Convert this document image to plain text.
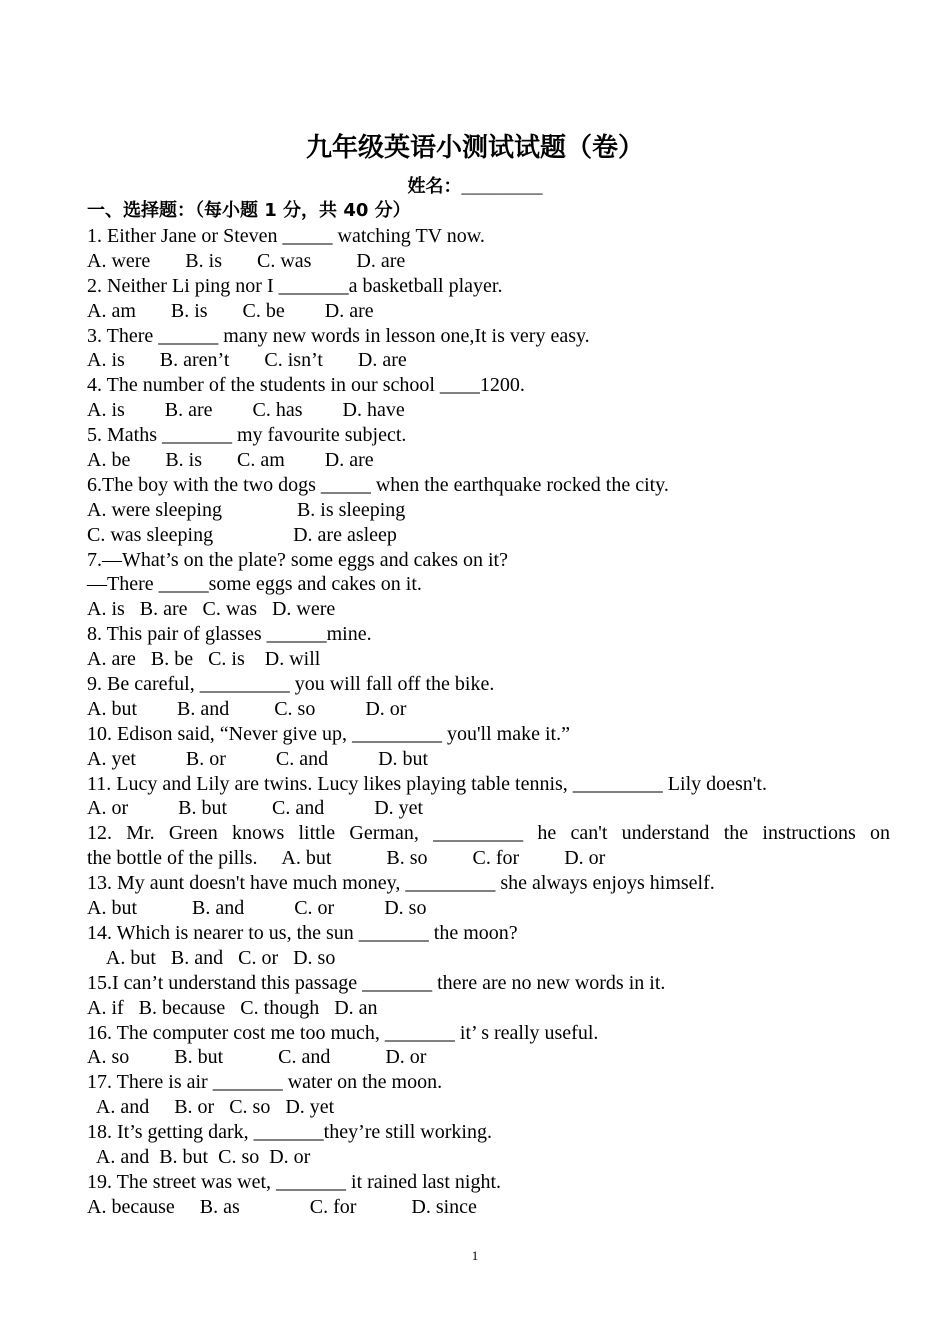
九年级英语小测试试题（卷）
姓名：_________
一、选择题：（每小题 1 分，共 40 分）
1. Either Jane or Steven _____ watching TV now.
A. were       B. is       C. was         D. are
2. Neither Li ping nor I _______a basketball player.
A. am       B. is       C. be        D. are
3. There ______ many new words in lesson one,It is very easy.
A. is       B. aren’t       C. isn’t       D. are
4. The number of the students in our school ____1200.
A. is        B. are        C. has        D. have
5. Maths _______ my favourite subject.
A. be       B. is       C. am        D. are
6.The boy with the two dogs _____ when the earthquake rocked the city.
A. were sleeping               B. is sleeping
C. was sleeping                D. are asleep
7.—What’s on the plate? some eggs and cakes on it?
—There _____some eggs and cakes on it.
A. is   B. are   C. was   D. were
8. This pair of glasses ______mine.
A. are   B. be   C. is    D. will
9. Be careful, _________ you will fall off the bike.
A. but        B. and         C. so          D. or
10. Edison said, “Never give up, _________ you'll make it.”
A. yet          B. or          C. and          D. but
11. Lucy and Lily are twins. Lucy likes playing table tennis, _________ Lily doesn't.
A. or          B. but         C. and          D. yet
12. Mr. Green knows little German, _________ he can't understand the instructions on
the bottle of the pills.     A. but           B. so         C. for         D. or
13. My aunt doesn't have much money, _________ she always enjoys himself.
A. but           B. and          C. or          D. so
14. Which is nearer to us, the sun _______ the moon?
A. but   B. and   C. or   D. so
15.I can’t understand this passage _______ there are no new words in it.
A. if   B. because   C. though   D. an
16. The computer cost me too much, _______ it’ s really useful.
A. so         B. but           C. and           D. or
17. There is air _______ water on the moon.
A. and     B. or   C. so   D. yet
18. It’s getting dark, _______they’re still working.
A. and  B. but  C. so  D. or
19. The street was wet, _______ it rained last night.
A. because     B. as              C. for           D. since
1
